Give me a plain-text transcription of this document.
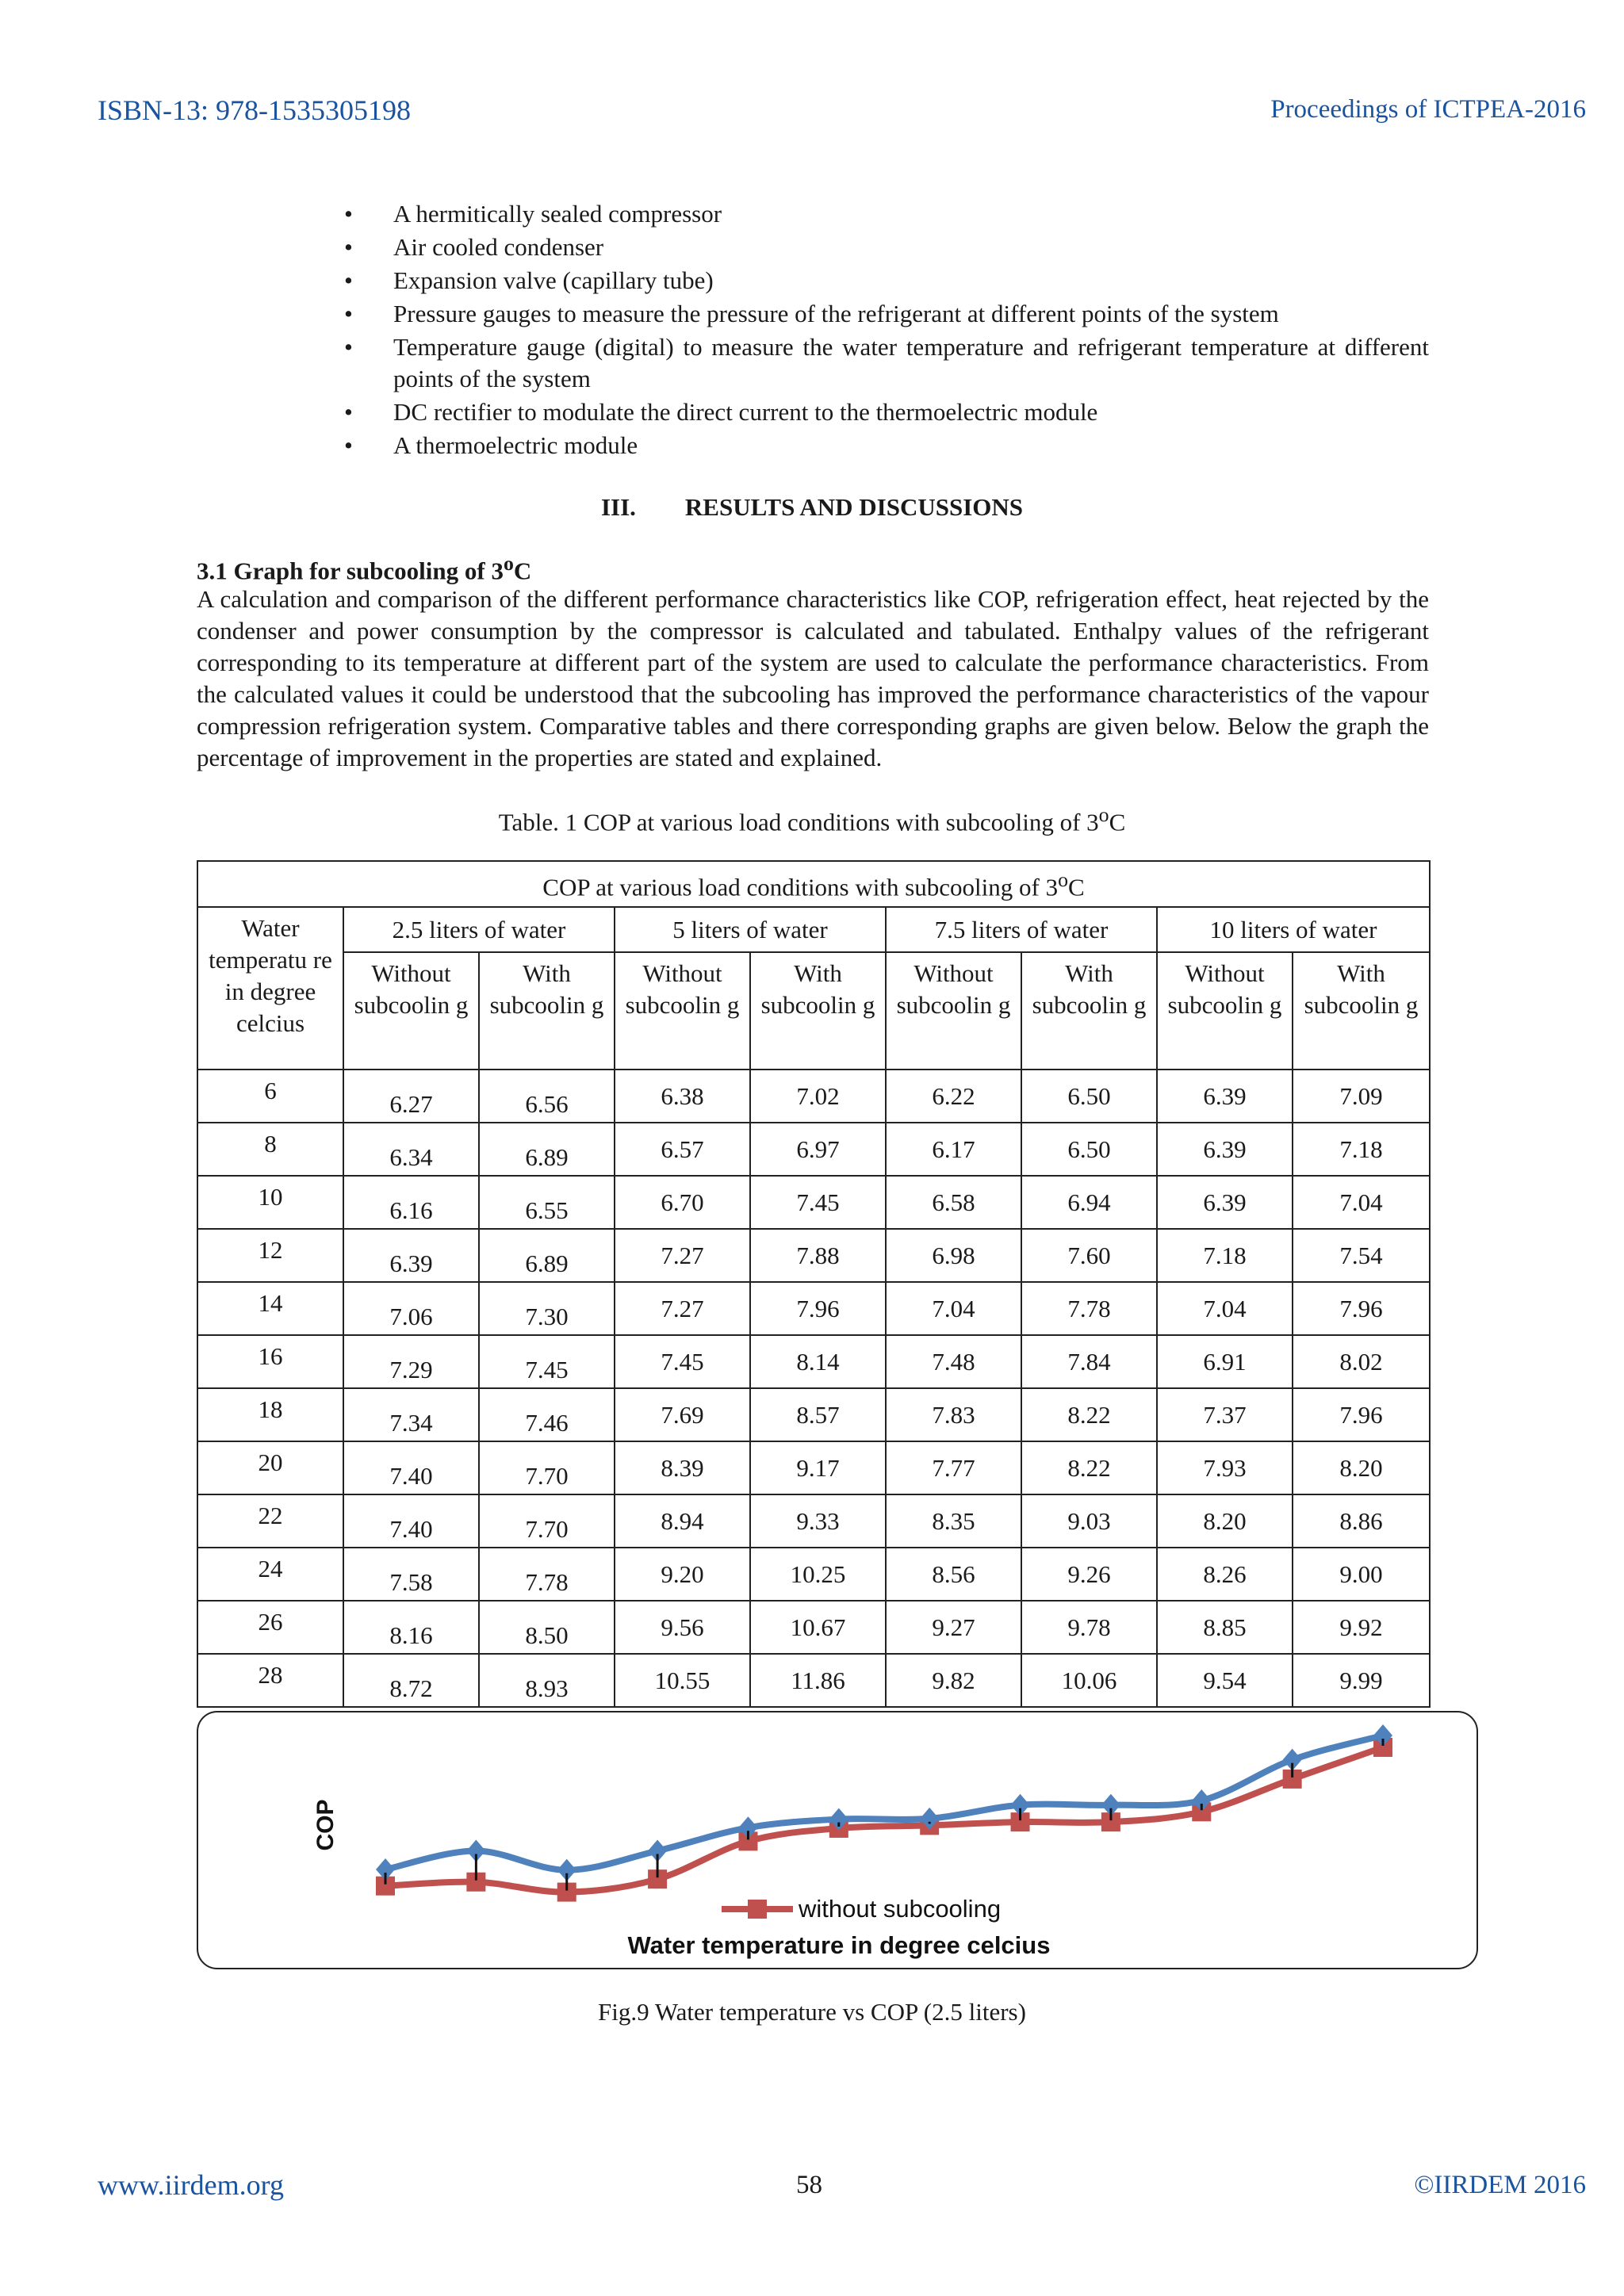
ISBN-13: 978-1535305198	Proceedings of ICTPEA-2016
• A hermitically sealed compressor
• Air cooled condenser
• Expansion valve (capillary tube)
• Pressure gauges to measure the pressure of the refrigerant at different points of the system
• Temperature gauge (digital) to measure the water temperature and refrigerant temperature at different points of the system
• DC rectifier to modulate the direct current to the thermoelectric module
• A thermoelectric module
III. RESULTS AND DISCUSSIONS
3.1 Graph for subcooling of 3$^o$C

A calculation and comparison of the different performance characteristics like COP, refrigeration effect, heat rejected by the condenser and power consumption by the compressor is calculated and tabulated. Enthalpy values of the refrigerant corresponding to its temperature at different part of the system are used to calculate the performance characteristics. From the calculated values it could be understood that the subcooling has improved the performance characteristics of the vapour compression refrigeration system. Comparative tables and there corresponding graphs are given below. Below the graph the percentage of improvement in the properties are stated and explained.

Table. 1 COP at various load conditions with subcooling of 3$^o$C
COP at various load conditions with subcooling of 3$^o$C								
Water temperatu re in degree celcius	2.5 liters of water		5 liters of water		7.5 liters of water		10 liters of water	
	Without subcoolin g	With subcoolin g	Without subcoolin g	With subcoolin g	Without subcoolin g	With subcoolin g	Without subcoolin g	With subcoolin g
6	6.27	6.56	6.38	7.02	6.22	6.50	6.39	7.09
8	6.34	6.89	6.57	6.97	6.17	6.50	6.39	7.18
10	6.16	6.55	6.70	7.45	6.58	6.94	6.39	7.04
12	6.39	6.89	7.27	7.88	6.98	7.60	7.18	7.54
14	7.06	7.30	7.27	7.96	7.04	7.78	7.04	7.96
16	7.29	7.45	7.45	8.14	7.48	7.84	6.91	8.02
18	7.34	7.46	7.69	8.57	7.83	8.22	7.37	7.96
20	7.40	7.70	8.39	9.17	7.77	8.22	7.93	8.20
22	7.40	7.70	8.94	9.33	8.35	9.03	8.20	8.86
24	7.58	7.78	9.20	10.25	8.56	9.26	8.26	9.00
26	8.16	8.50	9.56	10.67	9.27	9.78	8.85	9.92
28	8.72	8.93	10.55	11.86	9.82	10.06	9.54	9.99
COP
without subcooling
Water temperature in degree celcius
Fig.9 Water temperature vs COP (2.5 liters)
www.iirdem.org	58	©IIRDEM 2016
